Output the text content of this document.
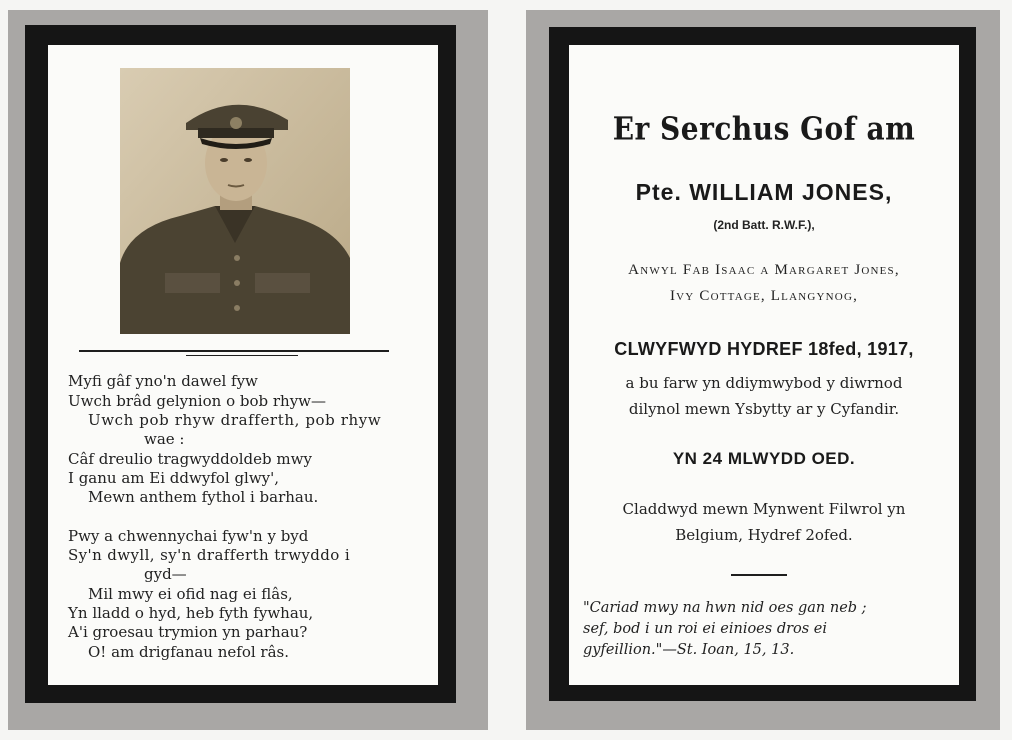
Myfi gâf yno'n dawel fyw
Uwch brâd gelynion o bob rhyw—
Uwch pob rhyw drafferth, pob rhyw
wae :
Câf dreulio tragwyddoldeb mwy
I ganu am Ei ddwyfol glwy',
Mewn anthem fythol i barhau.
Pwy a chwennychai fyw'n y byd
Sy'n dwyll, sy'n drafferth trwyddo i
gyd—
Mil mwy ei ofid nag ei flâs,
Yn lladd o hyd, heb fyth fywhau,
A'i groesau trymion yn parhau?
O! am drigfanau nefol râs.
Er Serchus Gof am
Pte. WILLIAM JONES,
(2nd Batt. R.W.F.),
Anwyl Fab Isaac a Margaret Jones,
Ivy Cottage, Llangynog,
CLWYFWYD HYDREF 18fed, 1917,
a bu farw yn ddiymwybod y diwrnod
dilynol mewn Ysbytty ar y Cyfandir.
YN 24 MLWYDD OED.
Claddwyd mewn Mynwent Filwrol yn
Belgium, Hydref 2ofed.
"Cariad mwy na hwn nid oes gan neb ;
sef, bod i un roi ei einioes dros ei
gyfeillion."—St. Ioan, 15, 13.
